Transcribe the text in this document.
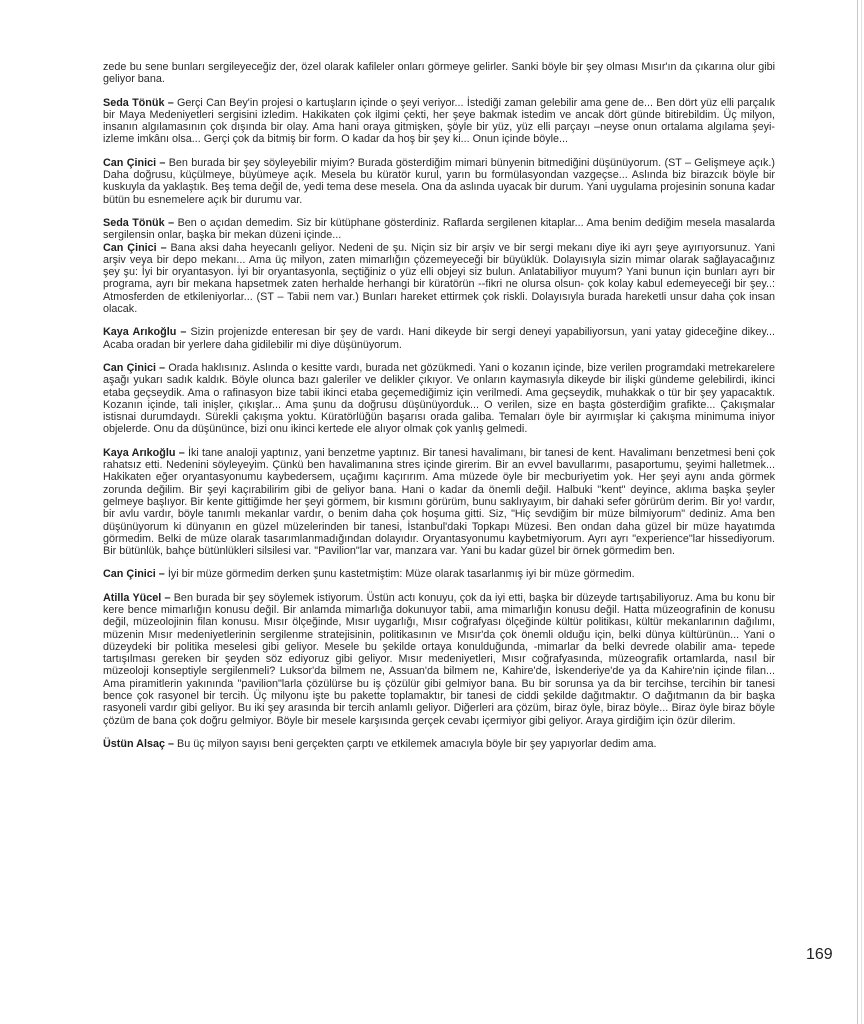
zede bu sene bunları sergileyeceğiz der, özel olarak kafileler onları görmeye gelirler. Sanki böyle bir şey olması Mısır'ın da çıkarına olur gibi geliyor bana.

Seda Tönük – Gerçi Can Bey'in projesi o kartuşların içinde o şeyi veriyor... İstediği zaman gelebilir ama gene de... Ben dört yüz elli parçalık bir Maya Medeniyetleri sergisini izledim. Hakikaten çok ilgimi çekti, her şeye bakmak istedim ve ancak dört günde bitirebildim. Üç milyon, insanın algılamasının çok dışında bir olay. Ama hani oraya gitmişken, şöyle bir yüz, yüz elli parçayı –neyse onun ortalama algılama şeyi- izleme imkânı olsa... Gerçi çok da bitmiş bir form. O kadar da hoş bir şey ki... Onun içinde böyle...

Can Çinici – Ben burada bir şey söyleyebilir miyim? Burada gösterdiğim mimari bünyenin bitmediğini düşünüyorum. (ST – Gelişmeye açık.) Daha doğrusu, küçülmeye, büyümeye açık. Mesela bu küratör kurul, yarın bu formülasyondan vazgeçse... Aslında biz birazcık böyle bir kuskuyla da yaklaştık. Beş tema değil de, yedi tema dese mesela. Ona da aslında uyacak bir durum. Yani uygulama projesinin sonuna kadar bütün bu esnemelere açık bir durumu var.

Seda Tönük – Ben o açıdan demedim. Siz bir kütüphane gösterdiniz. Raflarda sergilenen kitaplar... Ama benim dediğim mesela masalarda sergilensin onlar, başka bir mekan düzeni içinde...

Can Çinici – Bana aksi daha heyecanlı geliyor. Nedeni de şu. Niçin siz bir arşiv ve bir sergi mekanı diye iki ayrı şeye ayırıyorsunuz. Yani arşiv veya bir depo mekanı... Ama üç milyon, zaten mimarlığın çözemeyeceği bir büyüklük. Dolayısıyla sizin mimar olarak sağlayacağınız şey şu: İyi bir oryantasyon. İyi bir oryantasyonla, seçtiğiniz o yüz elli objeyi siz bulun. Anlatabiliyor muyum? Yani bunun için bunları ayrı bir programa, ayrı bir mekana hapsetmek zaten herhalde herhangi bir küratörün --fikri ne olursa olsun- çok kolay kabul edemeyeceği bir şey..: Atmosferden de etkileniyorlar... (ST – Tabii nem var.) Bunları hareket ettirmek çok riskli. Dolayısıyla burada hareketli unsur daha çok insan olacak.

Kaya Arıkoğlu – Sizin projenizde enteresan bir şey de vardı. Hani dikeyde bir sergi deneyi yapabiliyorsun, yani yatay gideceğine dikey... Acaba oradan bir yerlere daha gidilebilir mi diye düşünüyorum.

Can Çinici – Orada haklısınız. Aslında o kesitte vardı, burada net gözükmedi. Yani o kozanın içinde, bize verilen programdaki metrekarelere aşağı yukarı sadık kaldık. Böyle olunca bazı galeriler ve delikler çıkıyor. Ve onların kaymasıyla dikeyde bir ilişki gündeme gelebilirdi, ikinci etaba geçseydik. Ama o rafinasyon bize tabii ikinci etaba geçemediğimiz için verilmedi. Ama geçseydik, muhakkak o tür bir şey yapacaktık. Kozanın içinde, tali inişler, çıkışlar... Ama şunu da doğrusu düşünüyorduk... O verilen, size en başta gösterdiğim grafikte... Çakışmalar istisnai durumdaydı. Sürekli çakışma yoktu. Küratörlüğün başarısı orada galiba. Temaları öyle bir ayırmışlar ki çakışma minimuma iniyor objelerde. Onu da düşününce, bizi onu ikinci kertede ele alıyor olmak çok yanlış gelmedi.

Kaya Arıkoğlu – İki tane analoji yaptınız, yani benzetme yaptınız. Bir tanesi havalimanı, bir tanesi de kent. Havalimanı benzetmesi beni çok rahatsız etti. Nedenini söyleyeyim. Çünkü ben havalimanına stres içinde girerim. Bir an evvel bavullarımı, pasaportumu, şeyimi halletmek... Hakikaten eğer oryantasyonumu kaybedersem, uçağımı kaçırırım. Ama müzede öyle bir mecburiyetim yok. Her şeyi aynı anda görmek zorunda değilim. Bir şeyi kaçırabilirim gibi de geliyor bana. Hani o kadar da önemli değil. Halbuki "kent" deyince, aklıma başka şeyler gelmeye başlıyor. Bir kente gittiğimde her şeyi görmem, bir kısmını görürüm, bunu saklıyayım, bir dahaki sefer görürüm derim. Bir yo! vardır, bir avlu vardır, böyle tanımlı mekanlar vardır, o benim daha çok hoşuma gitti. Siz, "Hiç sevdiğim bir müze bilmiyorum" dediniz. Ama ben düşünüyorum ki dünyanın en güzel müzelerinden bir tanesi, İstanbul'daki Topkapı Müzesi. Ben ondan daha güzel bir müze hayatımda görmedim. Belki de müze olarak tasarımlanmadığından dolayıdır. Oryantasyonumu kaybetmiyorum. Ayrı ayrı "experience"lar hissediyorum. Bir bütünlük, bahçe bütünlükleri silsilesi var. "Pavilion"lar var, manzara var. Yani bu kadar güzel bir örnek görmedim ben.

Can Çinici – İyi bir müze görmedim derken şunu kastetmiştim: Müze olarak tasarlanmış iyi bir müze görmedim.

Atilla Yücel – Ben burada bir şey söylemek istiyorum. Üstün actı konuyu, çok da iyi etti, başka bir düzeyde tartışabiliyoruz. Ama bu konu bir kere bence mimarlığın konusu değil. Bir anlamda mimarlığa dokunuyor tabii, ama mimarlığın konusu değil. Hatta müzeografinin de konusu değil, müzeolojinin filan konusu. Mısır ölçeğinde, Mısır uygarlığı, Mısır coğrafyası ölçeğinde kültür politikası, kültür mekanlarının dağılımı, müzenin Mısır medeniyetlerinin sergilenme stratejisinin, politikasının ve Mısır'da çok önemli olduğu için, belki dünya kültürünün... Yani o düzeydeki bir politika meselesi gibi geliyor. Mesele bu şekilde ortaya konulduğunda, -mimarlar da belki devrede olabilir ama- tepede tartışılması gereken bir şeyden söz ediyoruz gibi geliyor. Mısır medeniyetleri, Mısır coğrafyasında, müzeografik ortamlarda, nasıl bir müzeoloji konseptiyle sergilenmeli? Luksor'da bilmem ne, Assuan'da bilmem ne, Kahire'de, İskenderiye'de ya da Kahire'nin içinde filan... Ama piramitlerin yakınında "pavilion"larla çözülürse bu iş çözülür gibi gelmiyor bana. Bu bir sorunsa ya da bir tercihse, tercihin bir tanesi bence çok rasyonel bir tercih. Üç milyonu işte bu pakette toplamaktır, bir tanesi de ciddi şekilde dağıtmaktır. O dağıtmanın da bir başka rasyoneli vardır gibi geliyor. Bu iki şey arasında bir tercih anlamlı geliyor. Diğerleri ara çözüm, biraz öyle, biraz böyle... Biraz öyle biraz böyle çözüm de bana çok doğru gelmiyor. Böyle bir mesele karşısında gerçek cevabı içermiyor gibi geliyor. Araya girdiğim için özür dilerim.

Üstün Alsaç – Bu üç milyon sayısı beni gerçekten çarptı ve etkilemek amacıyla böyle bir şey yapıyorlar dedim ama.

169
